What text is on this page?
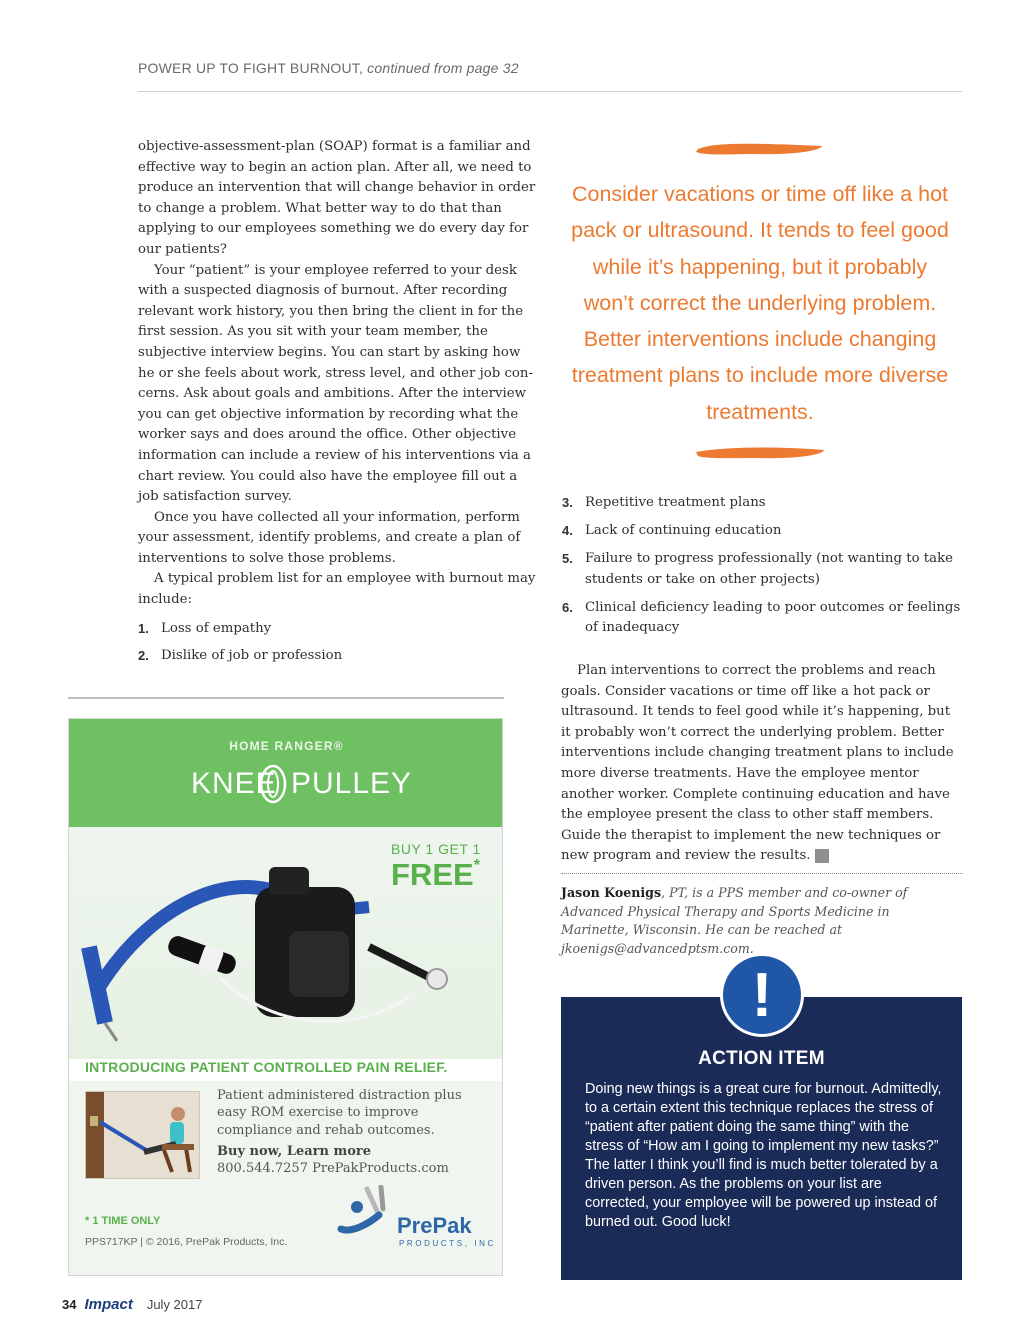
POWER UP TO FIGHT BURNOUT, continued from page 32

objective-assessment-plan (SOAP) format is a familiar and effective way to begin an action plan. After all, we need to produce an intervention that will change behavior in order to change a problem. What better way to do that than applying to our employees something we do every day for our patients?

Your “patient” is your employee referred to your desk with a suspected diagnosis of burnout. After recording relevant work history, you then bring the client in for the first session. As you sit with your team member, the subjective interview begins. You can start by asking how he or she feels about work, stress level, and other job concerns. Ask about goals and ambitions. After the interview you can get objective information by recording what the worker says and does around the office. Other objective information can include a review of his interventions via a chart review. You could also have the employee fill out a job satisfaction survey.

Once you have collected all your information, perform your assessment, identify problems, and create a plan of interventions to solve those problems.

A typical problem list for an employee with burnout may include:

1. Loss of empathy
2. Dislike of job or profession
Consider vacations or time off like a hot pack or ultrasound. It tends to feel good while it’s happening, but it probably won’t correct the underlying problem. Better interventions include changing treatment plans to include more diverse treatments.
3. Repetitive treatment plans
4. Lack of continuing education
5. Failure to progress professionally (not wanting to take students or take on other projects)
6. Clinical deficiency leading to poor outcomes or feelings of inadequacy

Plan interventions to correct the problems and reach goals. Consider vacations or time off like a hot pack or ultrasound. It tends to feel good while it’s happening, but it probably won’t correct the underlying problem. Better interventions include changing treatment plans to include more diverse treatments. Have the employee mentor another worker. Complete continuing education and have the employee present the class to other staff members. Guide the therapist to implement the new techniques or new program and review the results. I

Jason Koenigs, PT, is a PPS member and co-owner of Advanced Physical Therapy and Sports Medicine in Marinette, Wisconsin. He can be reached at jkoenigs@advancedptsm.com.
HOME RANGER®
KNEE PULLEY
BUY 1 GET 1
FREE*
INTRODUCING PATIENT CONTROLLED PAIN RELIEF.
Patient administered distraction plus easy ROM exercise to improve compliance and rehab outcomes.
Buy now, Learn more
800.544.7257 PrePakProducts.com
* 1 TIME ONLY
PPS717KP | © 2016, PrePak Products, Inc.
PrePak
PRODUCTS, INC
!
ACTION ITEM
Doing new things is a great cure for burnout. Admittedly, to a certain extent this technique replaces the stress of “patient after patient doing the same thing” with the stress of “How am I going to implement my new tasks?” The latter I think you’ll find is much better tolerated by a driven person. As the problems on your list are corrected, your employee will be powered up instead of burned out. Good luck!
34 Impact July 2017
